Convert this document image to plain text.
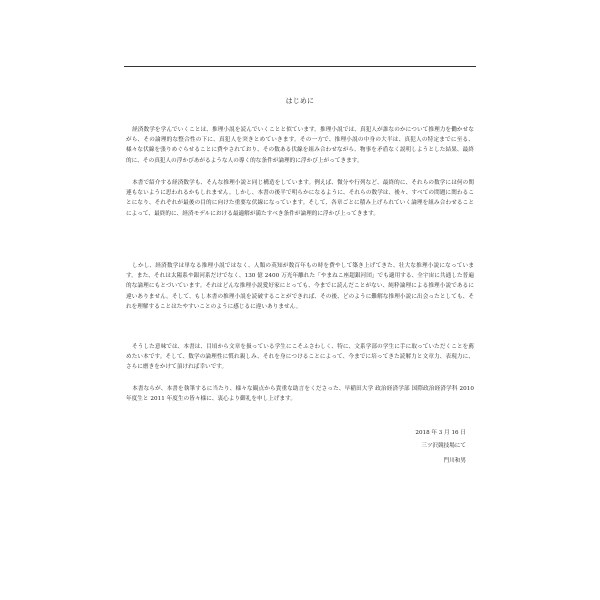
はじめに

経済数学を学んでいくことは、推理小説を読んでいくことと似ています。推理小説では、真犯人が誰なのかについて推理力を働かせながら、その論理的な整合性の下に、真犯人を突きとめていきます。その一方で、推理小説の中身の大半は、真犯人の特定までに至る、様々な伏線を張りめぐらせることに費やされており、その数ある伏線を組み合わせながら、物事を矛盾なく説明しようとした結果、最終的に、その真犯人の浮かびあがるような人の導く的な条件が論理的に浮かび上がってきます。

本書で紹介する経済数学も、そんな推理小説と同じ構造をしています。例えば、微分や行列など、最終的に、それらの数学には何の関連もないように思われるかもしれません。しかし、本書の後半で明らかになるように、それらの数学は、後々、すべての問題に関わることになり、それぞれが最後の目的に向けた重要な伏線になっています。そして、各章ごとに積み上げられていく論理を組み合わせることによって、最終的に、経済モデルにおける最適解が満たすべき条件が論理的に浮かび上ってきます。

しかし、経済数学は単なる推理小説ではなく、人類の英知が数百年もの時を費やして築き上げてきた、壮大な推理小説になっています。また、それは太陽系や銀河系だけでなく、130 億 2400 万光年離れた「やまねこ座超銀河団」でも適用する、全宇宙に共通した普遍的な論理にもとづいています。それはどんな推理小説愛好家にとっても、今までに読んだことがない、純粋論理による推理小説であるに違いありません。そして、もし本書の推理小説を読破することができれば、その後、どのように難解な推理小説に出会ったとしても、それを理解することはたやすいことのように感じるに違いありません。

そうした意味では、本書は、目頃から文章を扱っている学生にこそふさわしく、特に、文系学部の学生に手に取っていただくことを薦めたい本です。そして、数学の論理性に慣れ親しみ、それを身につけることによって、今までに培ってきた読解力と文章力、表現力に、さらに磨きをかけて頂ければ幸いです。

本書ならが、本書を執筆するに当たり、様々な観点から貴重な助言をくださった、早稲田大学 政治経済学部 国際政治経済学科 2010 年度生と 2011 年度生の皆々様に、衷心より御礼を申し上げます。

2018 年 3 月 16 日
三ツ沢競技場にて
門川和男
